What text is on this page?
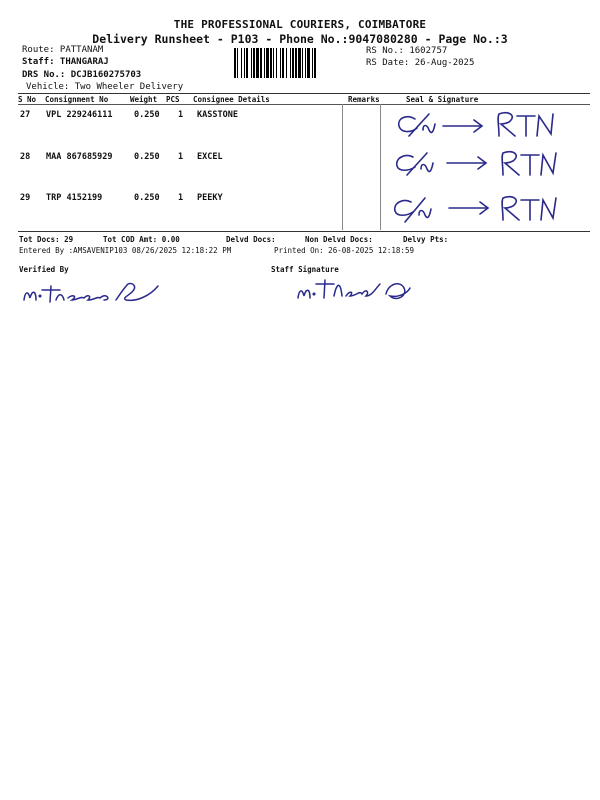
THE PROFESSIONAL COURIERS, COIMBATORE
Delivery Runsheet - P103 - Phone No.:9047080280 - Page No.:3
Route: PATTANAM
Staff: THANGARAJ
DRS No.: DCJB160275703
Vehicle: Two Wheeler Delivery
RS No.: 1602757
RS Date: 26-Aug-2025
S No Consignment No	Weight PCS Consignee Details	Remarks	Seal & Signature
27 VPL 229246111	0.250 1 KASSTONE
28 MAA 867685929	0.250 1 EXCEL
29 TRP 4152199	0.250 1 PEEKY
Tot Docs: 29	Tot COD Amt: 0.00	Delvd Docs:	Non Delvd Docs:	Delvy Pts:
Entered By :AMSAVENIP103 08/26/2025 12:18:22 PM	Printed On: 26-08-2025 12:18:59
Verified By	Staff Signature
